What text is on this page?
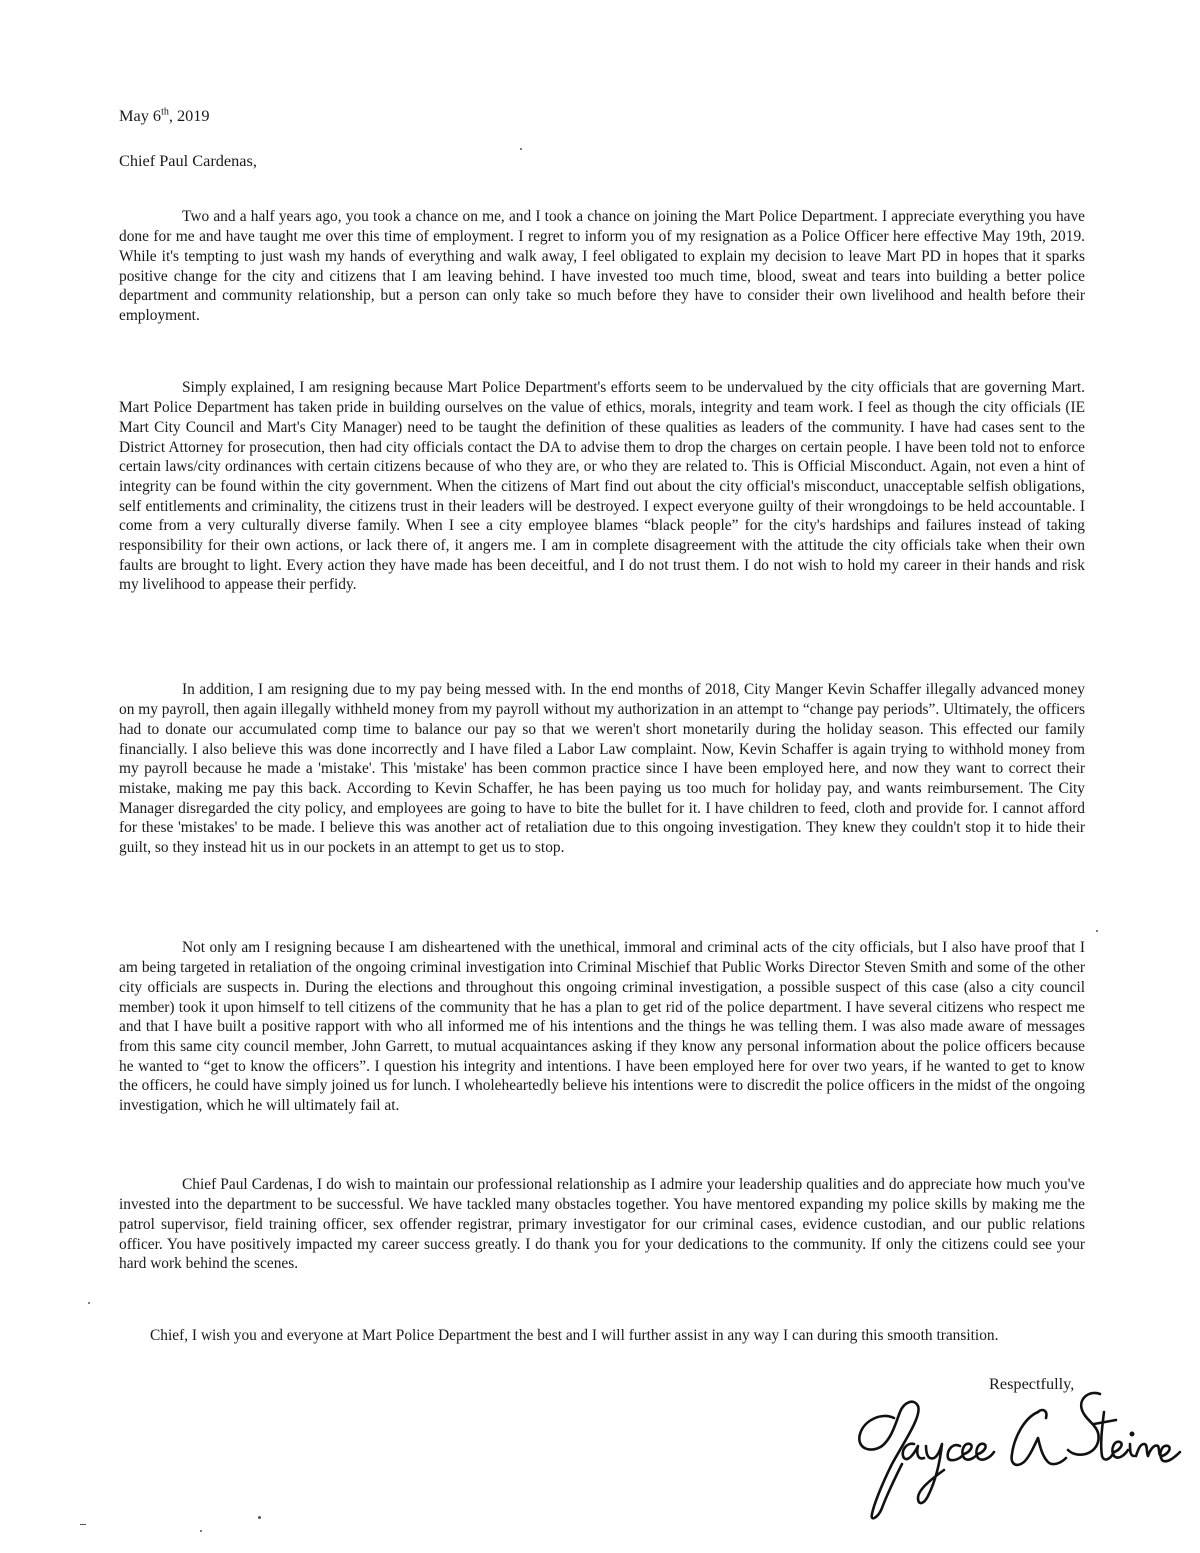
May 6th, 2019
Chief Paul Cardenas,

Two and a half years ago, you took a chance on me, and I took a chance on joining the Mart Police Department. I appreciate everything you have done for me and have taught me over this time of employment. I regret to inform you of my resignation as a Police Officer here effective May 19th, 2019. While it's tempting to just wash my hands of everything and walk away, I feel obligated to explain my decision to leave Mart PD in hopes that it sparks positive change for the city and citizens that I am leaving behind. I have invested too much time, blood, sweat and tears into building a better police department and community relationship, but a person can only take so much before they have to consider their own livelihood and health before their employment.

Simply explained, I am resigning because Mart Police Department's efforts seem to be undervalued by the city officials that are governing Mart. Mart Police Department has taken pride in building ourselves on the value of ethics, morals, integrity and team work. I feel as though the city officials (IE Mart City Council and Mart's City Manager) need to be taught the definition of these qualities as leaders of the community. I have had cases sent to the District Attorney for prosecution, then had city officials contact the DA to advise them to drop the charges on certain people. I have been told not to enforce certain laws/city ordinances with certain citizens because of who they are, or who they are related to. This is Official Misconduct. Again, not even a hint of integrity can be found within the city government. When the citizens of Mart find out about the city official's misconduct, unacceptable selfish obligations, self entitlements and criminality, the citizens trust in their leaders will be destroyed. I expect everyone guilty of their wrongdoings to be held accountable. I come from a very culturally diverse family. When I see a city employee blames “black people” for the city's hardships and failures instead of taking responsibility for their own actions, or lack there of, it angers me. I am in complete disagreement with the attitude the city officials take when their own faults are brought to light. Every action they have made has been deceitful, and I do not trust them. I do not wish to hold my career in their hands and risk my livelihood to appease their perfidy.

In addition, I am resigning due to my pay being messed with. In the end months of 2018, City Manger Kevin Schaffer illegally advanced money on my payroll, then again illegally withheld money from my payroll without my authorization in an attempt to “change pay periods”. Ultimately, the officers had to donate our accumulated comp time to balance our pay so that we weren't short monetarily during the holiday season. This effected our family financially. I also believe this was done incorrectly and I have filed a Labor Law complaint. Now, Kevin Schaffer is again trying to withhold money from my payroll because he made a 'mistake'. This 'mistake' has been common practice since I have been employed here, and now they want to correct their mistake, making me pay this back. According to Kevin Schaffer, he has been paying us too much for holiday pay, and wants reimbursement. The City Manager disregarded the city policy, and employees are going to have to bite the bullet for it. I have children to feed, cloth and provide for. I cannot afford for these 'mistakes' to be made. I believe this was another act of retaliation due to this ongoing investigation. They knew they couldn't stop it to hide their guilt, so they instead hit us in our pockets in an attempt to get us to stop.

Not only am I resigning because I am disheartened with the unethical, immoral and criminal acts of the city officials, but I also have proof that I am being targeted in retaliation of the ongoing criminal investigation into Criminal Mischief that Public Works Director Steven Smith and some of the other city officials are suspects in. During the elections and throughout this ongoing criminal investigation, a possible suspect of this case (also a city council member) took it upon himself to tell citizens of the community that he has a plan to get rid of the police department. I have several citizens who respect me and that I have built a positive rapport with who all informed me of his intentions and the things he was telling them. I was also made aware of messages from this same city council member, John Garrett, to mutual acquaintances asking if they know any personal information about the police officers because he wanted to “get to know the officers”. I question his integrity and intentions. I have been employed here for over two years, if he wanted to get to know the officers, he could have simply joined us for lunch. I wholeheartedly believe his intentions were to discredit the police officers in the midst of the ongoing investigation, which he will ultimately fail at.

Chief Paul Cardenas, I do wish to maintain our professional relationship as I admire your leadership qualities and do appreciate how much you've invested into the department to be successful. We have tackled many obstacles together. You have mentored expanding my police skills by making me the patrol supervisor, field training officer, sex offender registrar, primary investigator for our criminal cases, evidence custodian, and our public relations officer. You have positively impacted my career success greatly. I do thank you for your dedications to the community. If only the citizens could see your hard work behind the scenes.

Chief, I wish you and everyone at Mart Police Department the best and I will further assist in any way I can during this smooth transition.

Respectfully,
